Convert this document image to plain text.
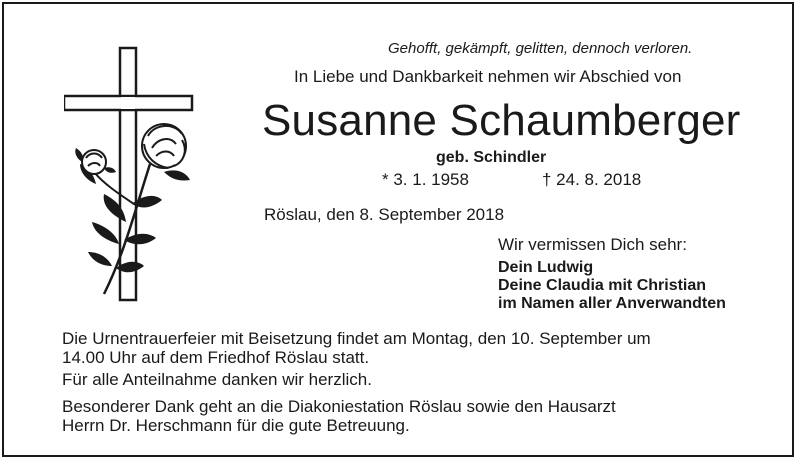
Gehofft, gekämpft, gelitten, dennoch verloren.
In Liebe und Dankbarkeit nehmen wir Abschied von
Susanne Schaumberger
geb. Schindler
* 3. 1. 1958	† 24. 8. 2018
Röslau, den 8. September 2018
Wir vermissen Dich sehr:
Dein Ludwig
Deine Claudia mit Christian
im Namen aller Anverwandten
Die Urnentrauerfeier mit Beisetzung findet am Montag, den 10. September um
14.00 Uhr auf dem Friedhof Röslau statt.
Für alle Anteilnahme danken wir herzlich.
Besonderer Dank geht an die Diakoniestation Röslau sowie den Hausarzt
Herrn Dr. Herschmann für die gute Betreuung.
